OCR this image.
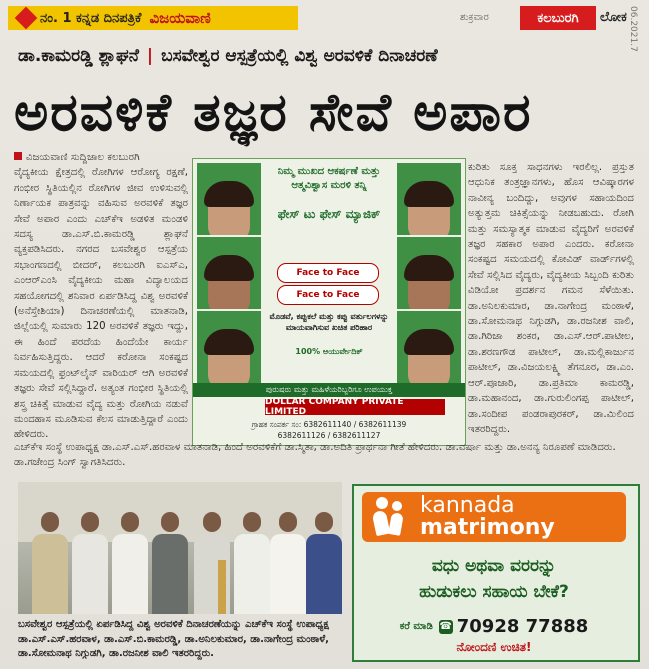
ನಂ. 1 ಕನ್ನಡ ದಿನಪತ್ರಿಕೆ ವಿಜಯವಾಣಿ	ಶುಕ್ರವಾರ	ಕಲಬುರಗಿ	ಲೋಕ 06.2021.7
ಡಾ.ಕಾಮರಡ್ಡಿ ಶ್ಲಾಘನೆ | ಬಸವೇಶ್ವರ ಆಸ್ಪತ್ರೆಯಲ್ಲಿ ವಿಶ್ವ ಅರವಳಿಕೆ ದಿನಾಚರಣೆ
ಅರವಳಿಕೆ ತಜ್ಞರ ಸೇವೆ ಅಪಾರ

ವಿಜಯವಾಣಿ ಸುದ್ದಿಜಾಲ ಕಲಬುರಗಿ

ವೈದ್ಯಕೀಯ ಕ್ಷೇತ್ರದಲ್ಲಿ ರೋಗಿಗಳ ಆರೋಗ್ಯ ರಕ್ಷಣೆ, ಗಂಭೀರ ಸ್ಥಿತಿಯಲ್ಲಿನ ರೋಗಿಗಳ ಜೀವ ಉಳಿಸುವಲ್ಲಿ ನಿರ್ಣಾಯಕ ಪಾತ್ರವನ್ನು ವಹಿಸುವ ಅರವಳಿಕೆ ತಜ್ಞರ ಸೇವೆ ಅಪಾರ ಎಂದು ಎಚ್‌ಕೆಇ ಅಡಳಿತ ಮಂಡಳಿ ಸದಸ್ಯ ಡಾ.ಎಸ್.ಬಿ.ಕಾಮರಡ್ಡಿ ಶ್ಲಾಘನೆ ವ್ಯಕ್ತಪಡಿಸಿದರು. ನಗರದ ಬಸವೇಶ್ವರ ಆಸ್ಪತ್ರೆಯ ಸಭಾಂಗಣದಲ್ಲಿ ಬೀದರ್, ಕಲಬುರಗಿ ಐಎಸ್‌ಎ, ಎಂಆರ್‌ಎಂಸಿ ವೈದ್ಯಕೀಯ ಮಹಾ ವಿದ್ಯಾಲಯದ ಸಹಯೋಗದಲ್ಲಿ ಶನಿವಾರ ಏರ್ಪಡಿಸಿದ್ದ ವಿಶ್ವ ಅರವಳಿಕೆ (ಅನೆಸ್ತೇಶಿಯಾ) ದಿನಾಚರಣೆಯಲ್ಲಿ ಮಾತನಾಡಿ, ಜಿಲ್ಲೆಯಲ್ಲಿ ಸುಮಾರು 120 ಅರವಳಿಕೆ ತಜ್ಞರು ಇದ್ದು, ಈ ಹಿಂದೆ ಪರದೆಯ ಹಿಂದೆಯೇ ಕಾರ್ಯ ನಿರ್ವಹಿಸುತ್ತಿದ್ದರು. ಆದರೆ ಕರೋನಾ ಸಂಕಷ್ಟದ ಸಮಯದಲ್ಲಿ ಫ್ರಂಟ್‌ಲೈನ್ ವಾರಿಯರ್ ಆಗಿ ಅರವಳಿಕೆ ತಜ್ಞರು ಸೇವೆ ಸಲ್ಲಿಸಿದ್ದಾರೆ. ಅತ್ಯಂತ ಗಂಭೀರ ಸ್ಥಿತಿಯಲ್ಲಿ ಶಸ್ತ್ರ ಚಿಕಿತ್ಸೆ ಮಾಡುವ ವೈದ್ಯ ಮತ್ತು ರೋಗಿಯ ನಡುವೆ ಮಂದಹಾಸ ಮೂಡಿಸುವ ಕೆಲಸ ಮಾಡುತ್ತಿದ್ದಾರೆ ಎಂದು ಹೇಳಿದರು.

ನಿಮ್ಮ ಮುಖದ ಆಕರ್ಷಣೆ ಮತ್ತು ಆತ್ಮವಿಶ್ವಾಸ ಮರಳಿ ತನ್ನಿ
ಫೇಸ್ ಟು ಫೇಸ್ ಮ್ಯಾಜಿಕ್
Face to Face
Face to Face
ಮೊಡವೆ, ಕಪ್ಪುಕಲೆ ಮತ್ತು ಕಪ್ಪು ವರ್ತುಲಗಳನ್ನು ಮಾಯವಾಗಿಸುವ ಖಚಿತ ಪರಿಹಾರ
100% ಆಯುರ್ವೇದಿಕ್
ಪುರುಷರು ಮತ್ತು ಮಹಿಳೆಯರಿಬ್ಬರಿಗೂ ಉಪಯುಕ್ತ
DOLLAR COMPANY PRIVATE LIMITED
ಗ್ರಾಹಕ ಸಂಪರ್ಕ ಸಂ: 6382611140 / 6382611139
6382611126 / 6382611127
ಕುರಿತು ಸೂಕ್ತ ಸಾಧನಗಳು ಇರಲಿಲ್ಲ. ಪ್ರಸ್ತುತ ಆಧುನಿಕ ತಂತ್ರಜ್ಞಾನಗಳು, ಹೊಸ ಆವಿಷ್ಕಾರಗಳ ನಾವೀನ್ಯ ಬಂದಿದ್ದು, ಅವುಗಳ ಸಹಾಯದಿಂದ ಅತ್ಯುತ್ತಮ ಚಿಕಿತ್ಸೆಯನ್ನು ನೀಡಬಹುದು. ರೋಗಿ ಮತ್ತು ಸಮಸ್ಯಾತ್ಮಕ ಮಾಡುವ ವೈದ್ಯರಿಗೆ ಅರವಳಿಕೆ ತಜ್ಞರ ಸಹಕಾರ ಅಪಾರ ಎಂದರು. ಕರೋನಾ ಸಂಕಷ್ಟದ ಸಮಯದಲ್ಲಿ ಕೋವಿಡ್ ವಾರ್ಡ್‌ಗಳಲ್ಲಿ ಸೇವೆ ಸಲ್ಲಿಸಿದ ವೈದ್ಯರು, ವೈದ್ಯಕೀಯ ಸಿಬ್ಬಂದಿ ಕುರಿತು ವಿಡಿಯೋ ಪ್ರದರ್ಶನ ಗಮನ ಸೆಳೆಯಿತು. ಡಾ.ಅನಿಲಕುಮಾರ, ಡಾ.ನಾಗೇಂದ್ರ ಮಂಠಾಳೆ, ಡಾ.ಸೋಮನಾಥ ನಿಗ್ಗುಡಗಿ, ಡಾ.ರಜನೀಶ ವಾಲಿ, ಡಾ.ಗಿರಿಜಾ ಶಂಕರ, ಡಾ.ಎಸ್.ಆರ್.ಪಾಟೀಲ, ಡಾ.ಶರಣಗೌಡ ಪಾಟೀಲ್, ಡಾ.ಮಲ್ಲಿಕಾರ್ಜುನ ಪಾಟೀಲ್, ಡಾ.ವಿಜಯಲಕ್ಷ್ಮಿ ತೆಗನೂರ, ಡಾ.ಎಂ. ಆರ್.ಪೂಜಾರಿ, ಡಾ.ಪ್ರತಿಮಾ ಕಾಮರಡ್ಡಿ, ಡಾ.ಮಹಾನಂದ, ಡಾ.ಗುರುಲಿಂಗಪ್ಪ ಪಾಟೀಲ್, ಡಾ.ಸಂದೀಪ ಪಂಡರಾಪುರಕರ್, ಡಾ.ಮಿಲಿಂದ ಇತರರಿದ್ದರು.
ಎಚ್‌ಕೆಇ ಸಂಸ್ಥೆ ಉಪಾಧ್ಯಕ್ಷ ಡಾ.ಎಸ್.ಎಸ್.ಹರವಾಳ ಮಾತನಾಡಿ, ಹಿಂದೆ ಅರವಳಿಕೆಗೆ ಡಾ.ಸ್ಮಿತಾ, ಡಾ.ಅದಿತಿ ಪ್ರಾರ್ಥನಾ ಗೀತೆ ಹೇಳಿದರು. ಡಾ.ವರ್ಷಾ ಮತ್ತು ಡಾ.ಅನನ್ಯ ನಿರೂಪಣೆ ಮಾಡಿದರು. ಡಾ.ಗಜೇಂದ್ರ ಸಿಂಗ್ ಸ್ವಾಗತಿಸಿದರು.
ಬಸವೇಶ್ವರ ಆಸ್ಪತ್ರೆಯಲ್ಲಿ ಏರ್ಪಡಿಸಿದ್ದ ವಿಶ್ವ ಅರವಳಿಕೆ ದಿನಾಚರಣೆಯನ್ನು ಎಚ್‌ಕೆಇ ಸಂಸ್ಥೆ ಉಪಾಧ್ಯಕ್ಷ ಡಾ.ಎಸ್.ಎಸ್.ಹರವಾಳ, ಡಾ.ಎಸ್.ಬಿ.ಕಾಮರಡ್ಡಿ, ಡಾ.ಅನಿಲಕುಮಾರ, ಡಾ.ನಾಗೇಂದ್ರ ಮಂಠಾಳೆ, ಡಾ.ಸೋಮನಾಥ ನಿಗ್ಗುಡಗಿ, ಡಾ.ರಜನೀಶ ವಾಲಿ ಇತರರಿದ್ದರು.
kannada
matrimony
ವಧು ಅಥವಾ ವರರನ್ನು
ಹುಡುಕಲು ಸಹಾಯ ಬೇಕೆ?
ಕರೆ ಮಾಡಿ ☎ 70928 77888
ನೋಂದಣಿ ಉಚಿತ!
